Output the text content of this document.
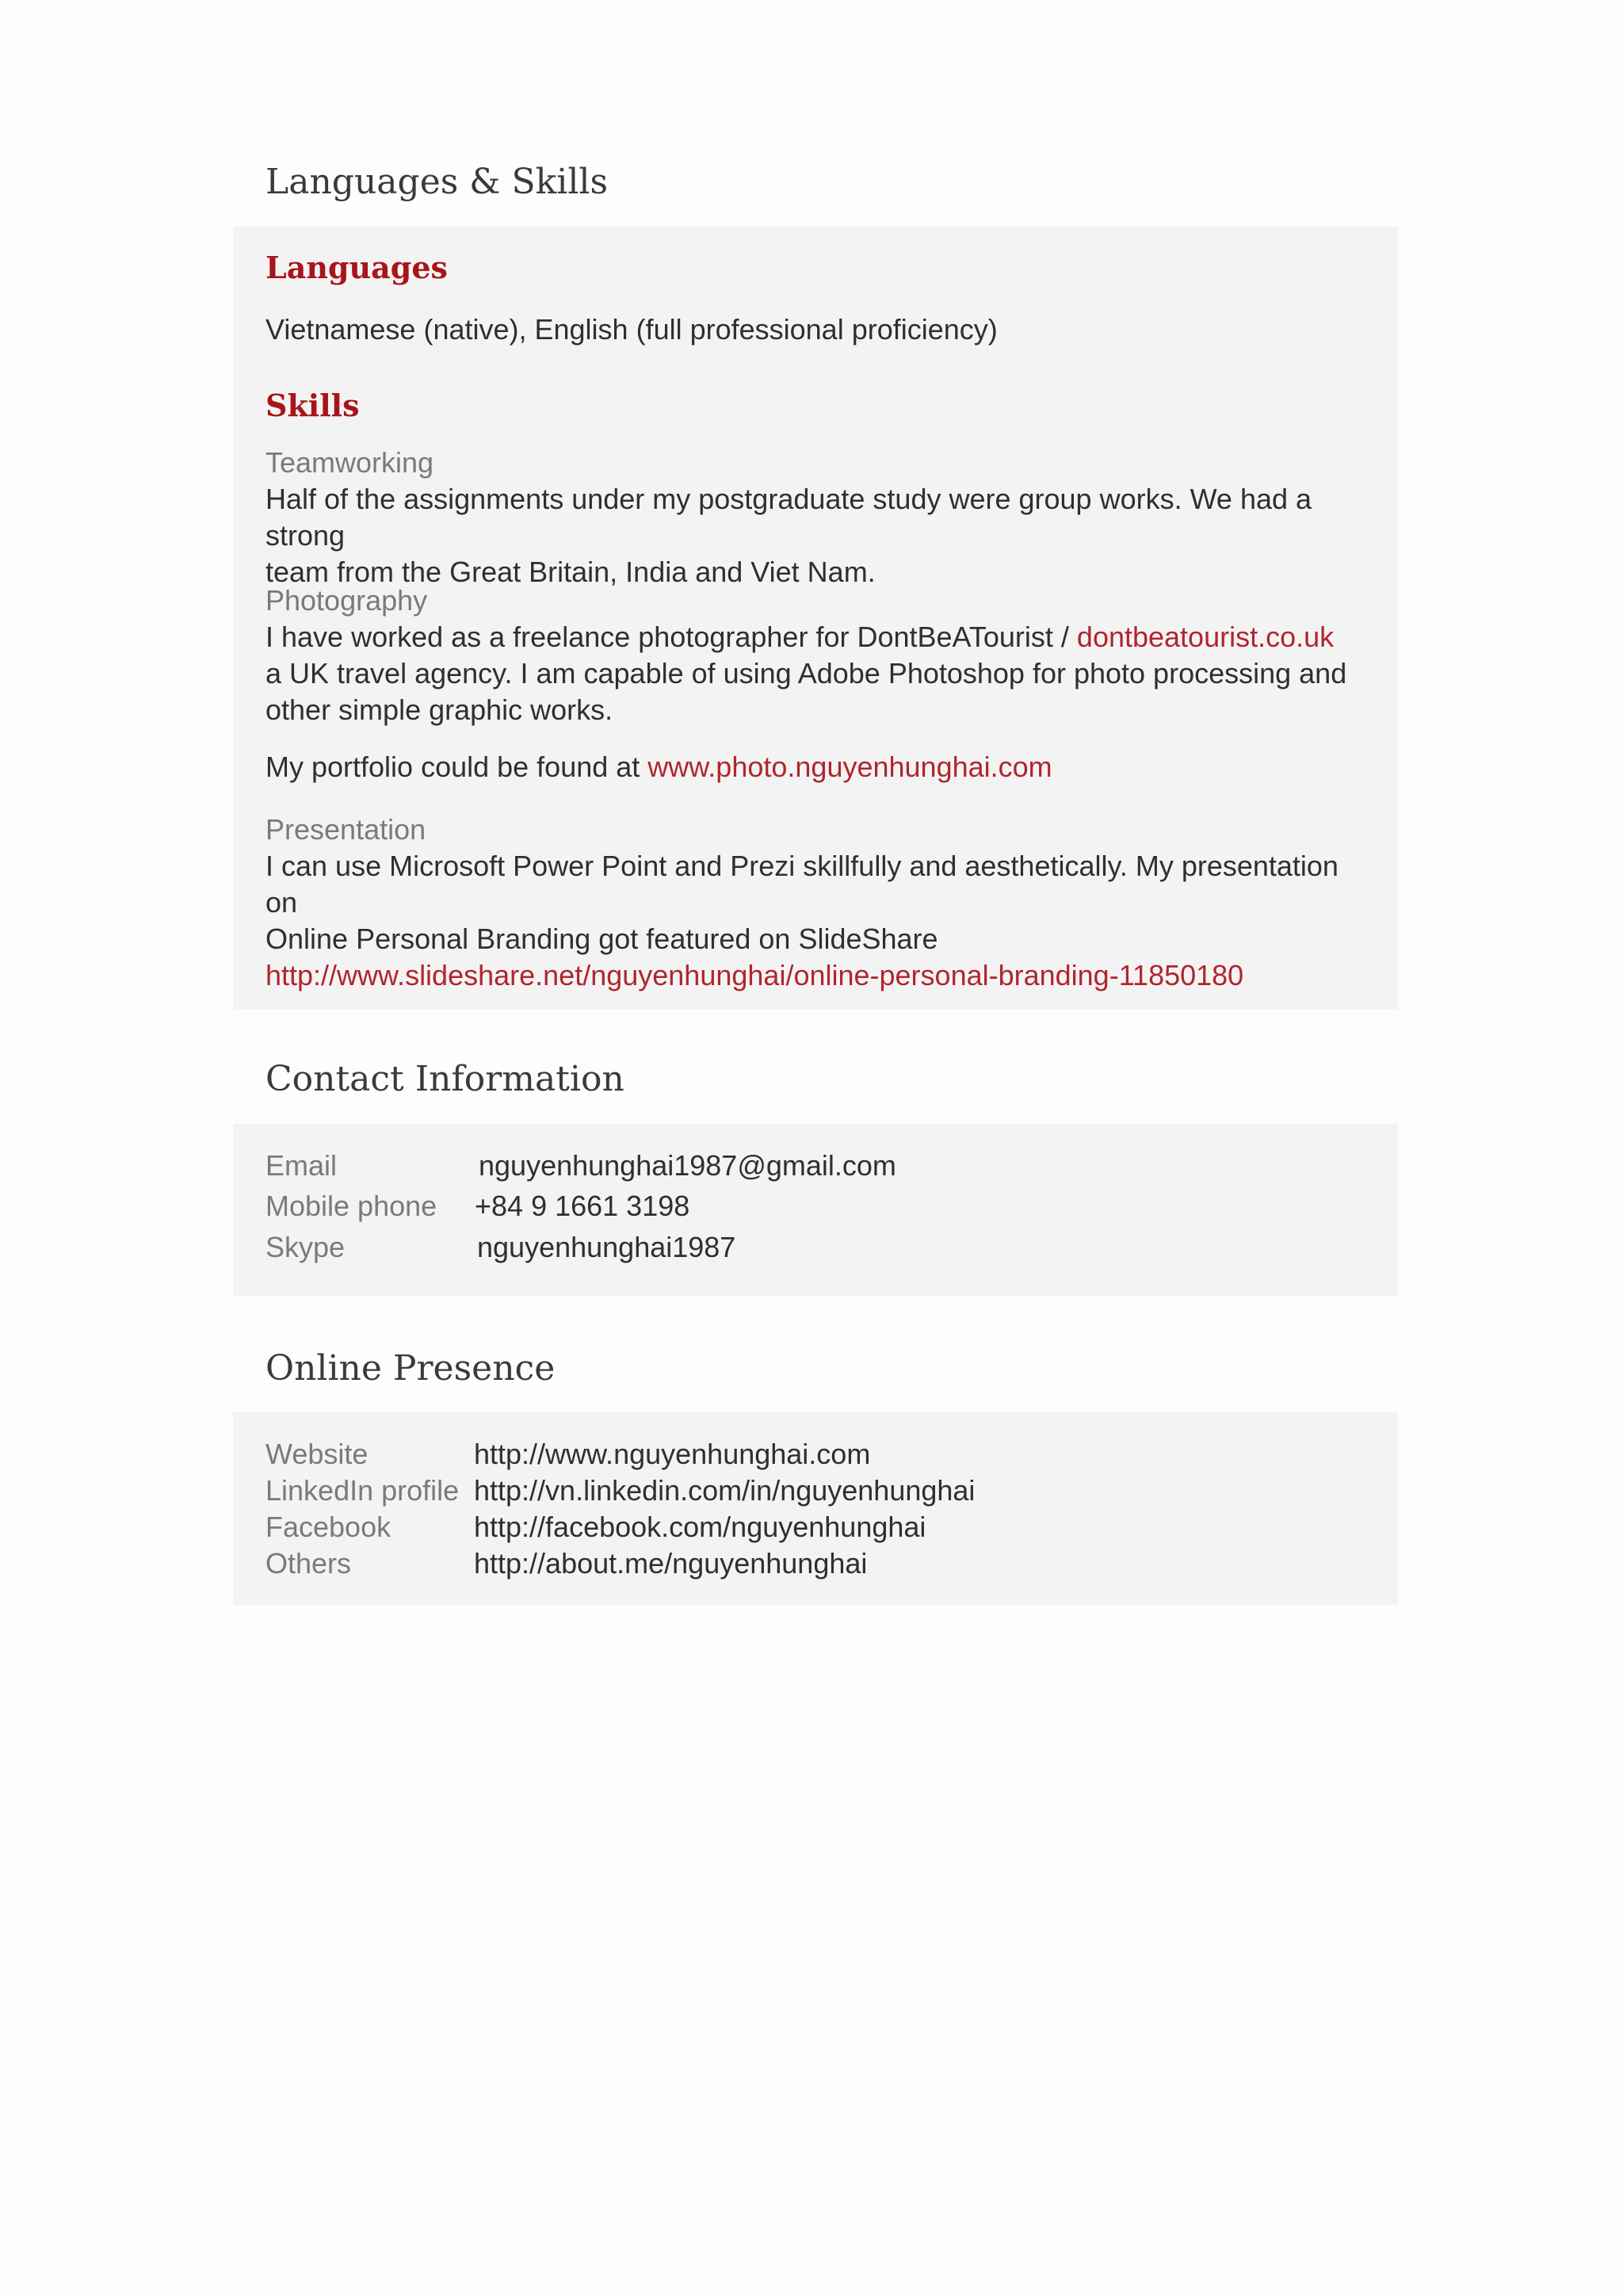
Languages & Skills
Languages
Vietnamese (native), English (full professional proficiency)
Skills
Teamworking
Half of the assignments under my postgraduate study were group works. We had a strong
team from the Great Britain, India and Viet Nam.
Photography
I have worked as a freelance photographer for DontBeATourist / dontbeatourist.co.uk
a UK travel agency. I am capable of using Adobe Photoshop for photo processing and
other simple graphic works.
My portfolio could be found at www.photo.nguyenhunghai.com
Presentation
I can use Microsoft Power Point and Prezi skillfully and aesthetically. My presentation on
Online Personal Branding got featured on SlideShare
http://www.slideshare.net/nguyenhunghai/online-personal-branding-11850180
Contact Information
Email	nguyenhunghai1987@gmail.com
Mobile phone +84 9 1661 3198
Skype	nguyenhunghai1987
Online Presence
Website	http://www.nguyenhunghai.com
LinkedIn profile http://vn.linkedin.com/in/nguyenhunghai
Facebook	http://facebook.com/nguyenhunghai
Others	http://about.me/nguyenhunghai
